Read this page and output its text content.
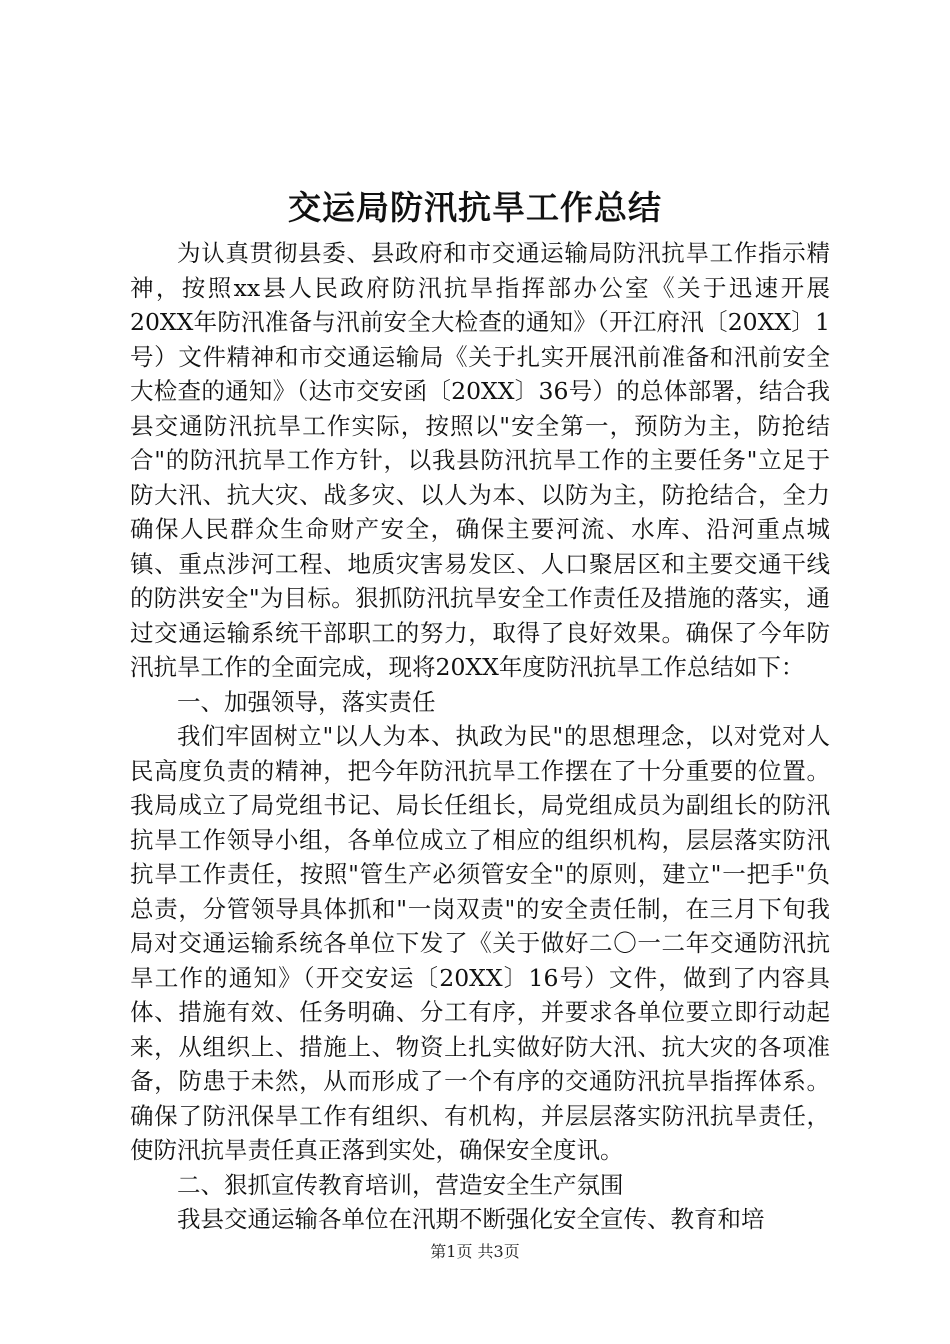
交运局防汛抗旱工作总结

为认真贯彻县委、县政府和市交通运输局防汛抗旱工作指示精神，按照xx县人民政府防汛抗旱指挥部办公室《关于迅速开展20XX年防汛准备与汛前安全大检查的通知》（开江府汛〔20XX〕1号）文件精神和市交通运输局《关于扎实开展汛前准备和汛前安全大检查的通知》（达市交安函〔20XX〕36号）的总体部署，结合我县交通防汛抗旱工作实际，按照以"安全第一，预防为主，防抢结合"的防汛抗旱工作方针，以我县防汛抗旱工作的主要任务"立足于防大汛、抗大灾、战多灾、以人为本、以防为主，防抢结合，全力确保人民群众生命财产安全，确保主要河流、水库、沿河重点城镇、重点涉河工程、地质灾害易发区、人口聚居区和主要交通干线的防洪安全"为目标。狠抓防汛抗旱安全工作责任及措施的落实，通过交通运输系统干部职工的努力，取得了良好效果。确保了今年防汛抗旱工作的全面完成，现将20XX年度防汛抗旱工作总结如下：

一、加强领导，落实责任

我们牢固树立"以人为本、执政为民"的思想理念，以对党对人民高度负责的精神，把今年防汛抗旱工作摆在了十分重要的位置。我局成立了局党组书记、局长任组长，局党组成员为副组长的防汛抗旱工作领导小组，各单位成立了相应的组织机构，层层落实防汛抗旱工作责任，按照"管生产必须管安全"的原则，建立"一把手"负总责，分管领导具体抓和"一岗双责"的安全责任制，在三月下旬我局对交通运输系统各单位下发了《关于做好二〇一二年交通防汛抗旱工作的通知》（开交安运〔20XX〕16号）文件，做到了内容具体、措施有效、任务明确、分工有序，并要求各单位要立即行动起来，从组织上、措施上、物资上扎实做好防大汛、抗大灾的各项准备，防患于未然，从而形成了一个有序的交通防汛抗旱指挥体系。确保了防汛保旱工作有组织、有机构，并层层落实防汛抗旱责任，使防汛抗旱责任真正落到实处，确保安全度讯。

二、狠抓宣传教育培训，营造安全生产氛围

我县交通运输各单位在汛期不断强化安全宣传、教育和培

第1页 共3页
